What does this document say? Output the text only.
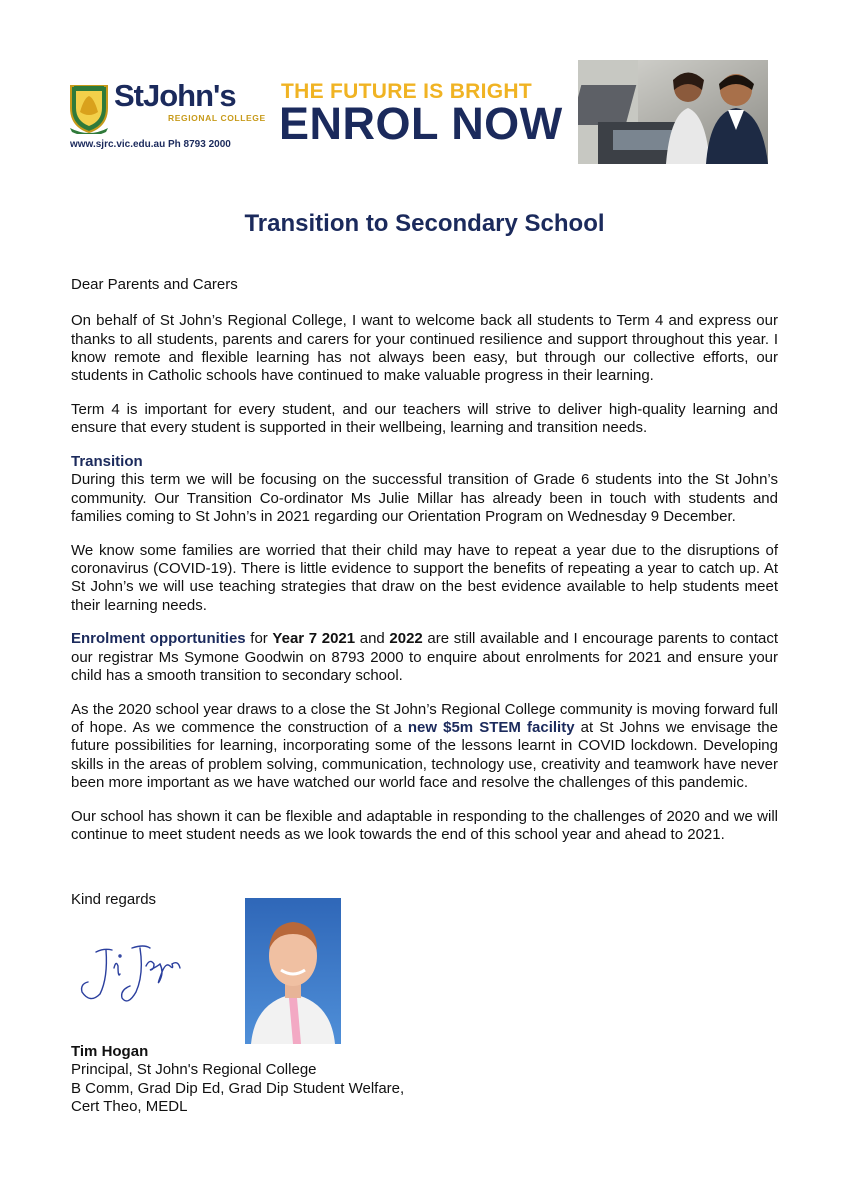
StJohn's
REGIONAL COLLEGE
www.sjrc.vic.edu.au Ph 8793 2000
THE FUTURE IS BRIGHT
ENROL NOW
Transition to Secondary School

Dear Parents and Carers

On behalf of St John’s Regional College, I want to welcome back all students to Term 4 and express our thanks to all students, parents and carers for your continued resilience and support throughout this year. I know remote and flexible learning has not always been easy, but through our collective efforts, our students in Catholic schools have continued to make valuable progress in their learning.

Term 4 is important for every student, and our teachers will strive to deliver high-quality learning and ensure that every student is supported in their wellbeing, learning and transition needs.

Transition

During this term we will be focusing on the successful transition of Grade 6 students into the St John’s community. Our Transition Co-ordinator Ms Julie Millar has already been in touch with students and families coming to St John’s in 2021 regarding our Orientation Program on Wednesday 9 December.

We know some families are worried that their child may have to repeat a year due to the disruptions of coronavirus (COVID-19). There is little evidence to support the benefits of repeating a year to catch up. At St John’s we will use teaching strategies that draw on the best evidence available to help students meet their learning needs.

Enrolment opportunities for Year 7 2021 and 2022 are still available and I encourage parents to contact our registrar Ms Symone Goodwin on 8793 2000 to enquire about enrolments for 2021 and ensure your child has a smooth transition to secondary school.

As the 2020 school year draws to a close the St John’s Regional College community is moving forward full of hope. As we commence the construction of a new $5m STEM facility at St Johns we envisage the future possibilities for learning, incorporating some of the lessons learnt in COVID lockdown. Developing skills in the areas of problem solving, communication, technology use, creativity and teamwork have never been more important as we have watched our world face and resolve the challenges of this pandemic.

Our school has shown it can be flexible and adaptable in responding to the challenges of 2020 and we will continue to meet student needs as we look towards the end of this school year and ahead to 2021.

Kind regards
Tim Hogan
Principal, St John's Regional College
B Comm, Grad Dip Ed, Grad Dip Student Welfare,
Cert Theo, MEDL
